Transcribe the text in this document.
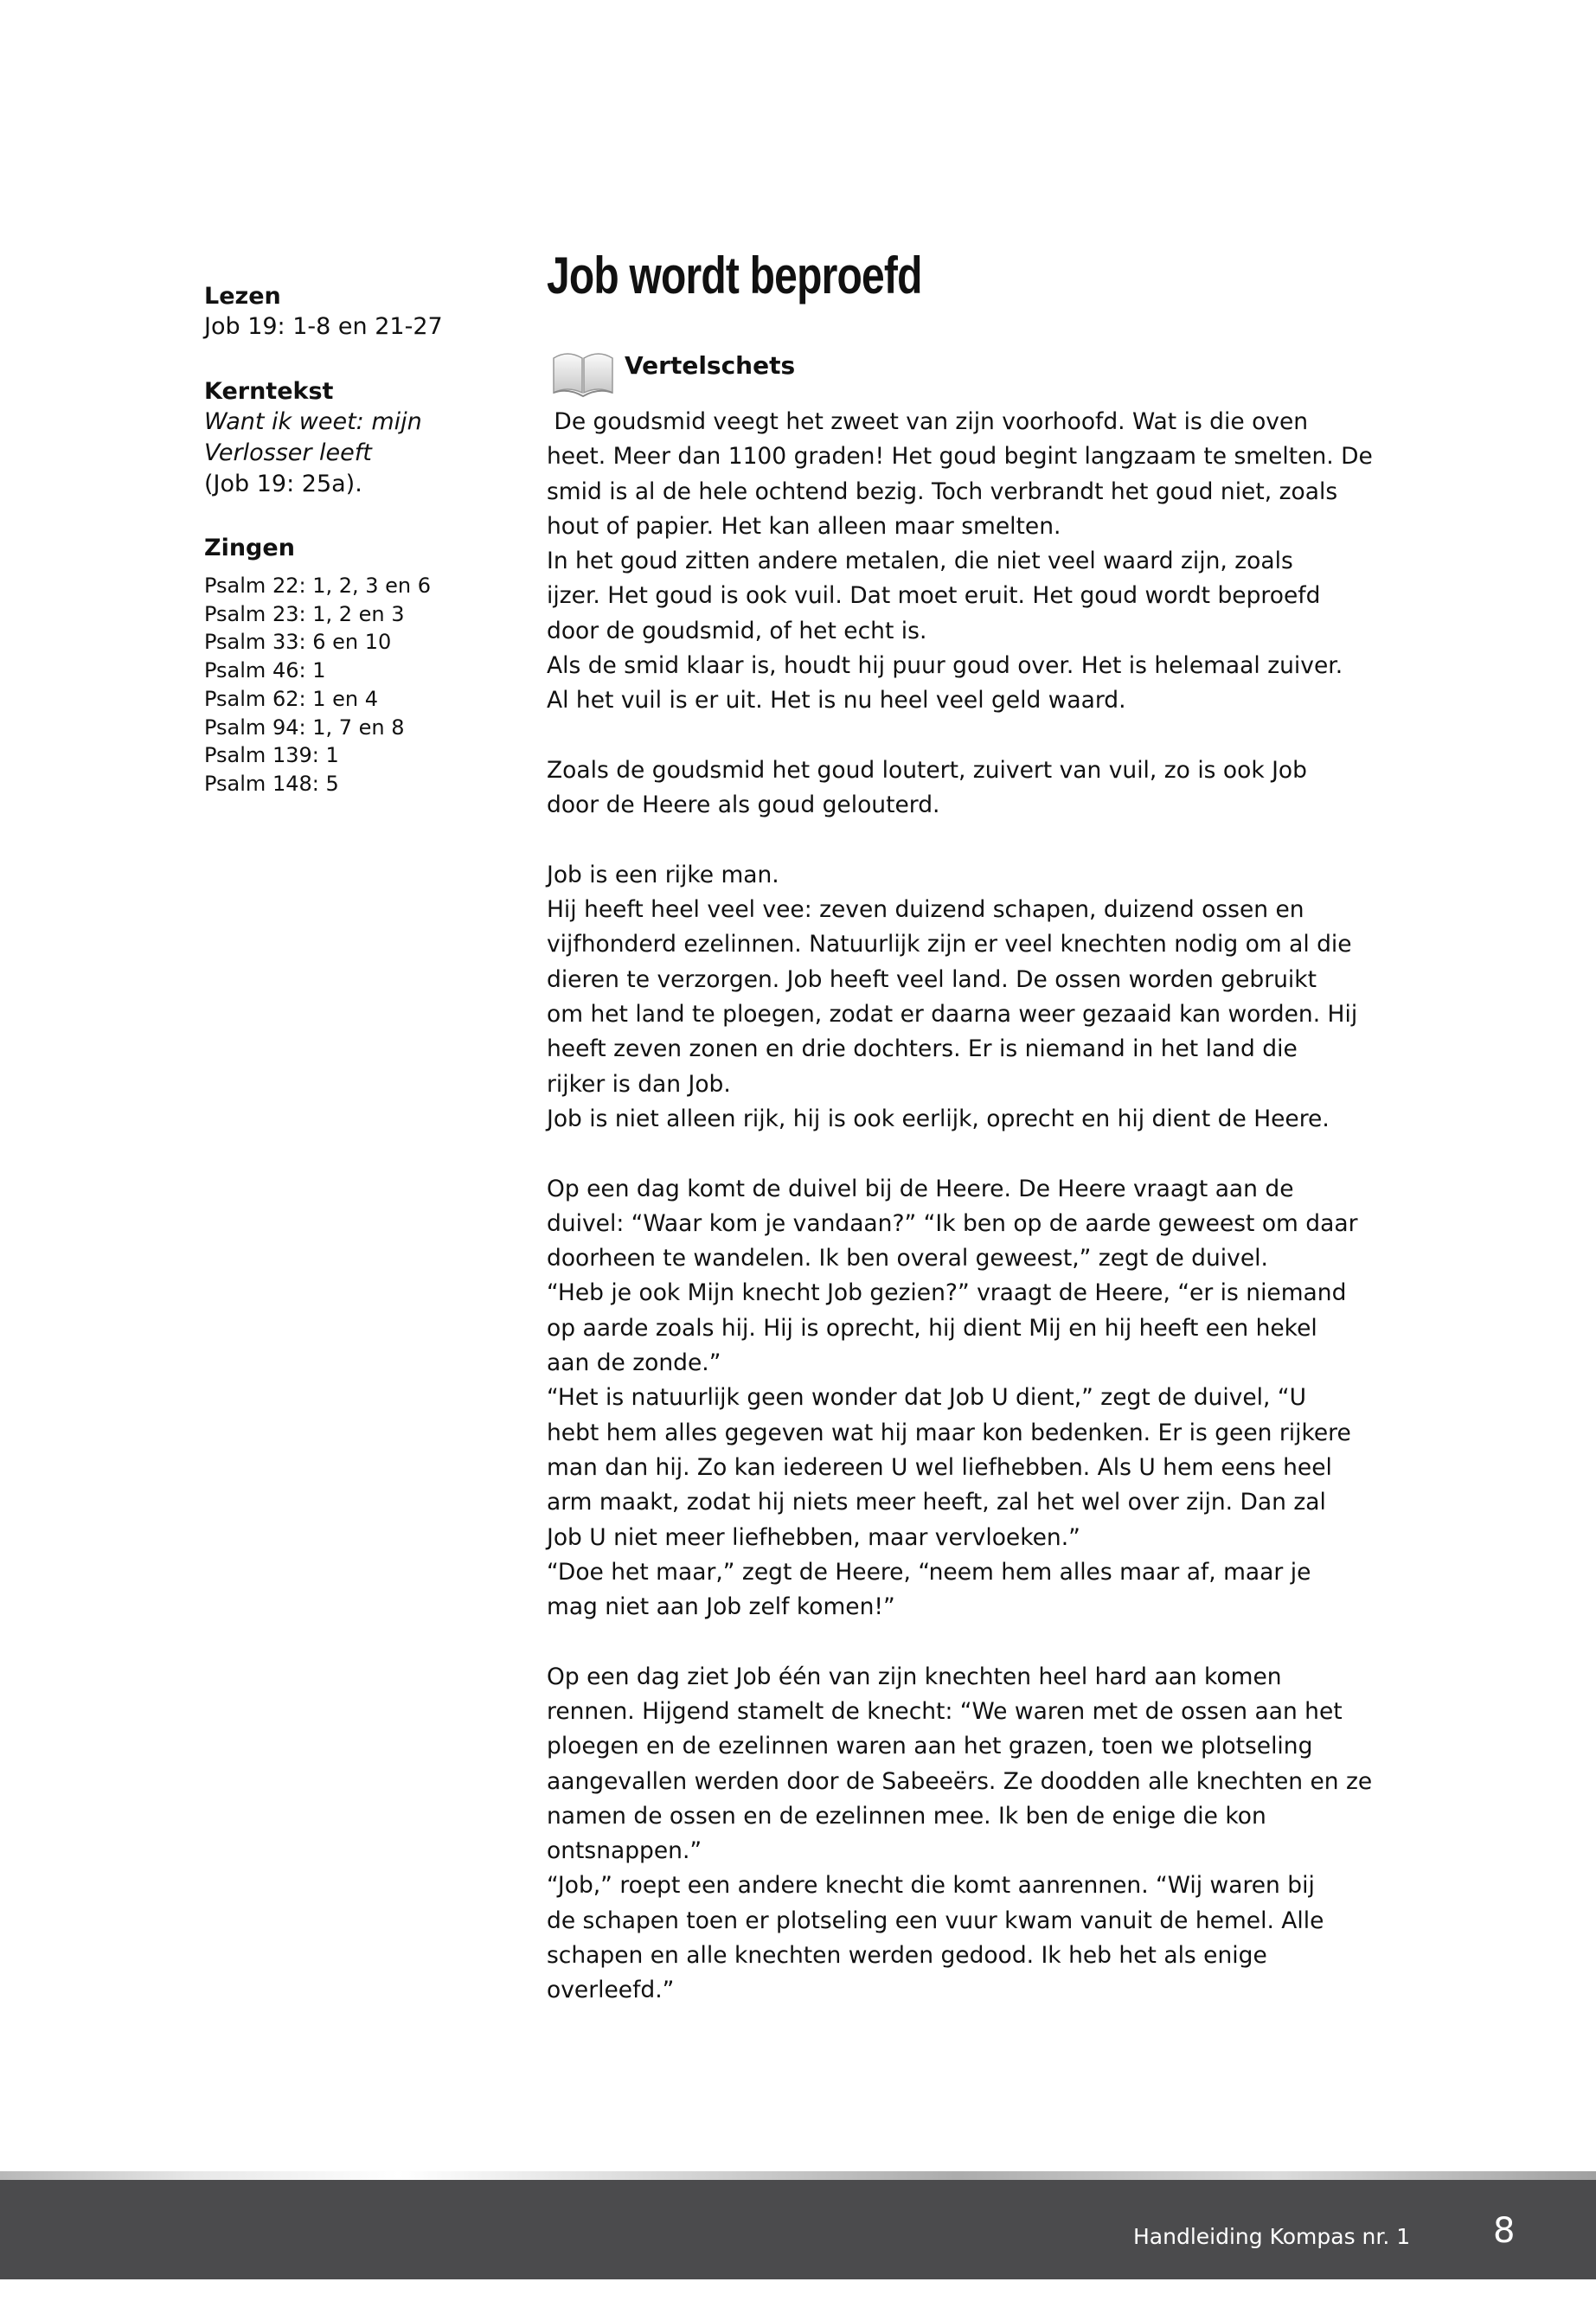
Lezen
Job 19: 1-8 en 21-27
Kerntekst
Want ik weet: mijn
Verlosser leeft
(Job 19: 25a).
Zingen
Psalm 22: 1, 2, 3 en 6
Psalm 23: 1, 2 en 3
Psalm 33: 6 en 10
Psalm 46: 1
Psalm 62: 1 en 4
Psalm 94: 1, 7 en 8
Psalm 139: 1
Psalm 148: 5
Job wordt beproefd
Vertelschets
De goudsmid veegt het zweet van zijn voorhoofd. Wat is die oven
heet. Meer dan 1100 graden! Het goud begint langzaam te smelten. De
smid is al de hele ochtend bezig. Toch verbrandt het goud niet, zoals
hout of papier. Het kan alleen maar smelten.
In het goud zitten andere metalen, die niet veel waard zijn, zoals
ijzer. Het goud is ook vuil. Dat moet eruit. Het goud wordt beproefd
door de goudsmid, of het echt is.
Als de smid klaar is, houdt hij puur goud over. Het is helemaal zuiver.
Al het vuil is er uit. Het is nu heel veel geld waard.
Zoals de goudsmid het goud loutert, zuivert van vuil, zo is ook Job
door de Heere als goud gelouterd.
Job is een rijke man.
Hij heeft heel veel vee: zeven duizend schapen, duizend ossen en
vijfhonderd ezelinnen. Natuurlijk zijn er veel knechten nodig om al die
dieren te verzorgen. Job heeft veel land. De ossen worden gebruikt
om het land te ploegen, zodat er daarna weer gezaaid kan worden. Hij
heeft zeven zonen en drie dochters. Er is niemand in het land die
rijker is dan Job.
Job is niet alleen rijk, hij is ook eerlijk, oprecht en hij dient de Heere.
Op een dag komt de duivel bij de Heere. De Heere vraagt aan de
duivel: “Waar kom je vandaan?” “Ik ben op de aarde geweest om daar
doorheen te wandelen. Ik ben overal geweest,” zegt de duivel.
“Heb je ook Mijn knecht Job gezien?” vraagt de Heere, “er is niemand
op aarde zoals hij. Hij is oprecht, hij dient Mij en hij heeft een hekel
aan de zonde.”
“Het is natuurlijk geen wonder dat Job U dient,” zegt de duivel, “U
hebt hem alles gegeven wat hij maar kon bedenken. Er is geen rijkere
man dan hij. Zo kan iedereen U wel liefhebben. Als U hem eens heel
arm maakt, zodat hij niets meer heeft, zal het wel over zijn. Dan zal
Job U niet meer liefhebben, maar vervloeken.”
“Doe het maar,” zegt de Heere, “neem hem alles maar af, maar je
mag niet aan Job zelf komen!”
Op een dag ziet Job één van zijn knechten heel hard aan komen
rennen. Hijgend stamelt de knecht: “We waren met de ossen aan het
ploegen en de ezelinnen waren aan het grazen, toen we plotseling
aangevallen werden door de Sabeeërs. Ze doodden alle knechten en ze
namen de ossen en de ezelinnen mee. Ik ben de enige die kon
ontsnappen.”
“Job,” roept een andere knecht die komt aanrennen. “Wij waren bij
de schapen toen er plotseling een vuur kwam vanuit de hemel. Alle
schapen en alle knechten werden gedood. Ik heb het als enige
overleefd.”
Handleiding Kompas nr. 1 8
